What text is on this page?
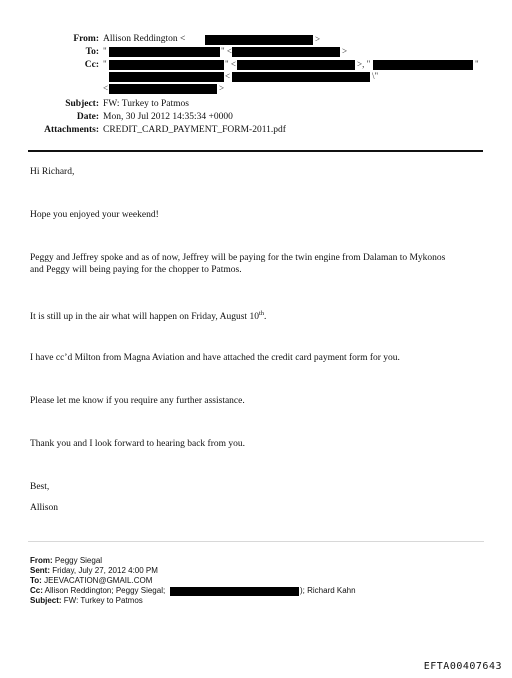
From: Allison Reddington <	>
To: "	" <	>
Cc: "	" <	>, "	"
<	\"
<	>
Subject: FW: Turkey to Patmos
Date: Mon, 30 Jul 2012 14:35:34 +0000
Attachments: CREDIT_CARD_PAYMENT_FORM-2011.pdf
Hi Richard,
Hope you enjoyed your weekend!
Peggy and Jeffrey spoke and as of now, Jeffrey will be paying for the twin engine from Dalaman to Mykonos
and Peggy will being paying for the chopper to Patmos.
It is still up in the air what will happen on Friday, August 10th.
I have cc’d Milton from Magna Aviation and have attached the credit card payment form for you.
Please let me know if you require any further assistance.
Thank you and I look forward to hearing back from you.
Best,
Allison
From: Peggy Siegal
Sent: Friday, July 27, 2012 4:00 PM
To: JEEVACATION@GMAIL.COM
Cc: Allison Reddington; Peggy Siegal;	); Richard Kahn
Subject: FW: Turkey to Patmos
EFTA00407643
